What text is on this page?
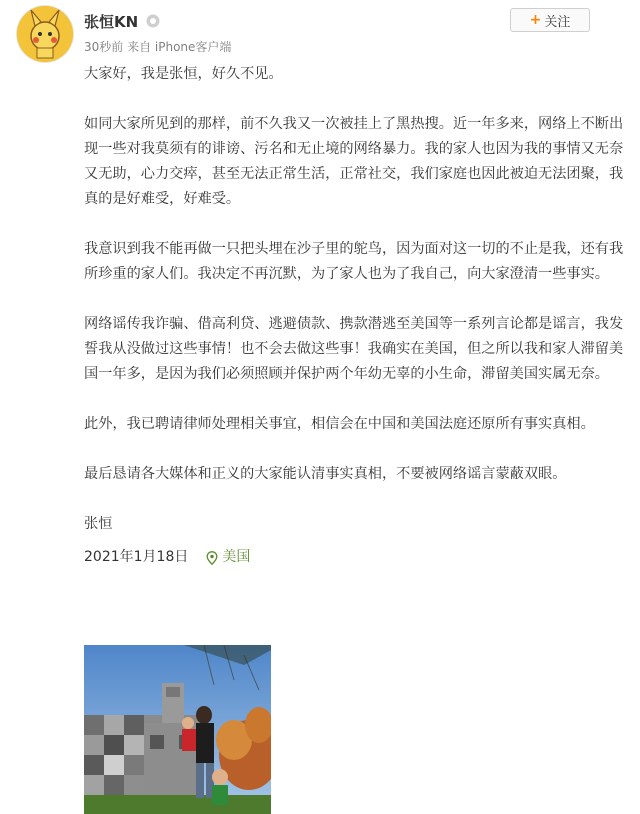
张恒KN
30秒前 来自 iPhone客户端
+ 关注

大家好，我是张恒，好久不见。

如同大家所见到的那样，前不久我又一次被挂上了黑热搜。近一年多来，网络上不断出现一些对我莫须有的诽谤、污名和无止境的网络暴力。我的家人也因为我的事情又无奈又无助，心力交瘁，甚至无法正常生活，正常社交，我们家庭也因此被迫无法团聚，我真的是好难受，好难受。

我意识到我不能再做一只把头埋在沙子里的鸵鸟，因为面对这一切的不止是我，还有我所珍重的家人们。我决定不再沉默，为了家人也为了我自己，向大家澄清一些事实。

网络谣传我诈骗、借高利贷、逃避债款、携款潜逃至美国等一系列言论都是谣言，我发誓我从没做过这些事情！也不会去做这些事！我确实在美国，但之所以我和家人滞留美国一年多，是因为我们必须照顾并保护两个年幼无辜的小生命，滞留美国实属无奈。

此外，我已聘请律师处理相关事宜，相信会在中国和美国法庭还原所有事实真相。

最后恳请各大媒体和正义的大家能认清事实真相，不要被网络谣言蒙蔽双眼。

张恒

2021年1月18日 美国
